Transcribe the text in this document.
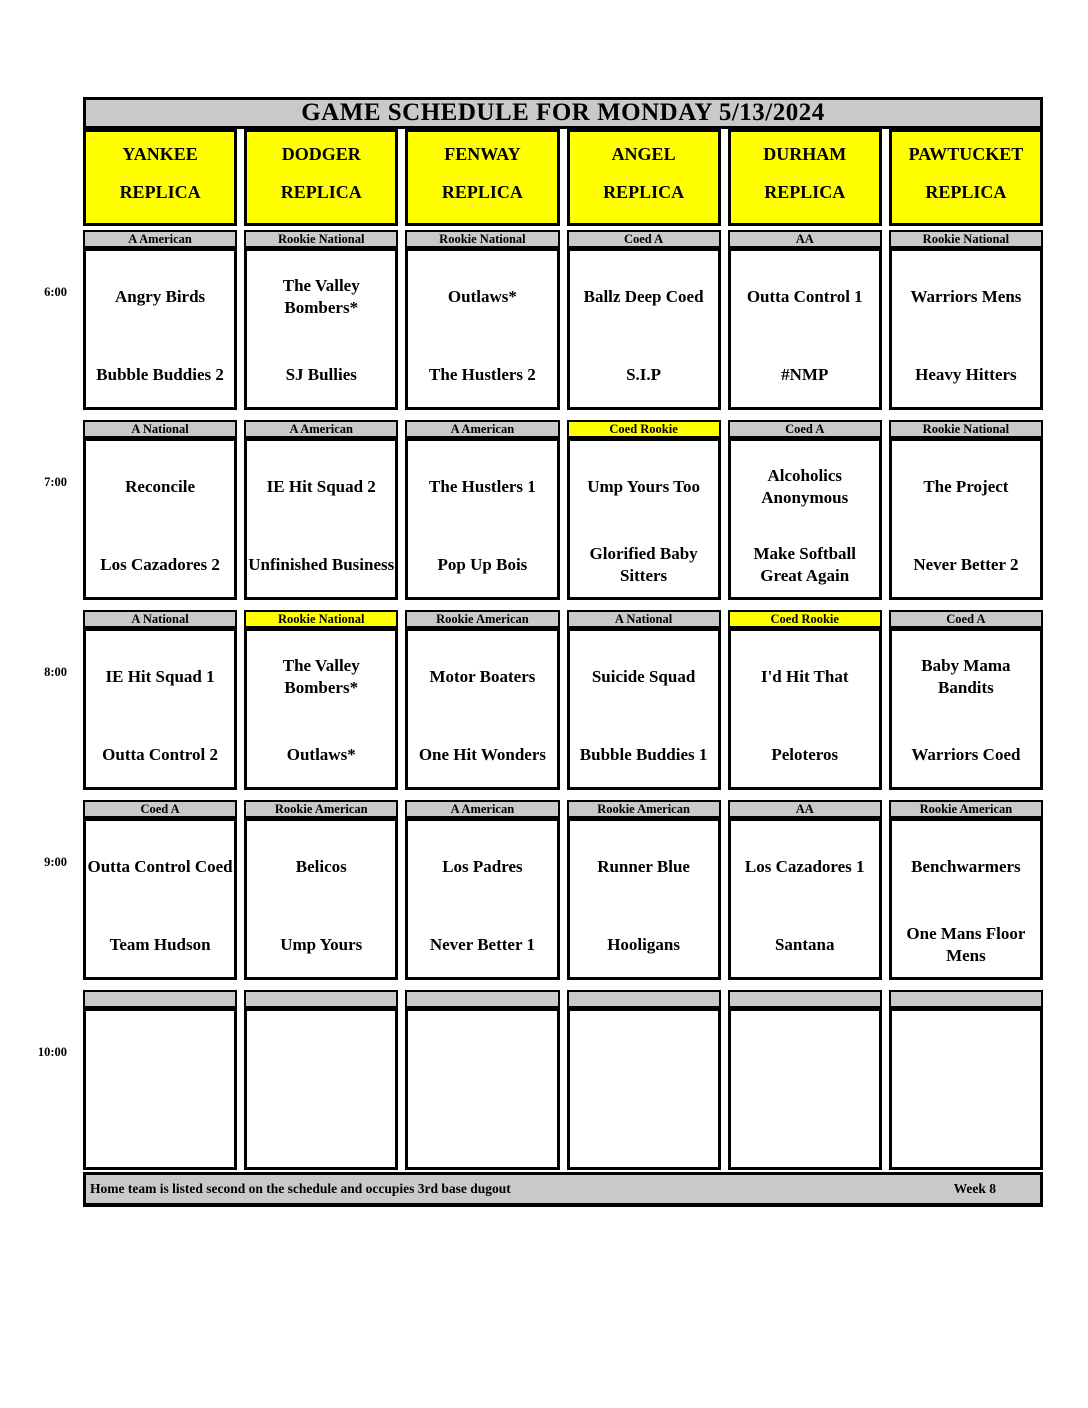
6:00
7:00
8:00
9:00
10:00
GAME SCHEDULE FOR MONDAY 5/13/2024
YANKEE
REPLICA
A American
Angry Birds
Bubble Buddies 2
A National
Reconcile
Los Cazadores 2
A National
IE Hit Squad 1
Outta Control 2
Coed A
Outta Control Coed
Team Hudson
DODGER
REPLICA
Rookie National
The Valley Bombers*
SJ Bullies
A American
IE Hit Squad 2
Unfinished Business
Rookie National
The Valley Bombers*
Outlaws*
Rookie American
Belicos
Ump Yours
FENWAY
REPLICA
Rookie National
Outlaws*
The Hustlers 2
A American
The Hustlers 1
Pop Up Bois
Rookie American
Motor Boaters
One Hit Wonders
A American
Los Padres
Never Better 1
ANGEL
REPLICA
Coed A
Ballz Deep Coed
S.I.P
Coed Rookie
Ump Yours Too
Glorified Baby Sitters
A National
Suicide Squad
Bubble Buddies 1
Rookie American
Runner Blue
Hooligans
DURHAM
REPLICA
AA
Outta Control 1
#NMP
Coed A
Alcoholics Anonymous
Make Softball Great Again
Coed Rookie
I'd Hit That
Peloteros
AA
Los Cazadores 1
Santana
PAWTUCKET
REPLICA
Rookie National
Warriors Mens
Heavy Hitters
Rookie National
The Project
Never Better 2
Coed A
Baby Mama Bandits
Warriors Coed
Rookie American
Benchwarmers
One Mans Floor Mens
Home team is listed second on the schedule and occupies 3rd base dugout	Week 8
